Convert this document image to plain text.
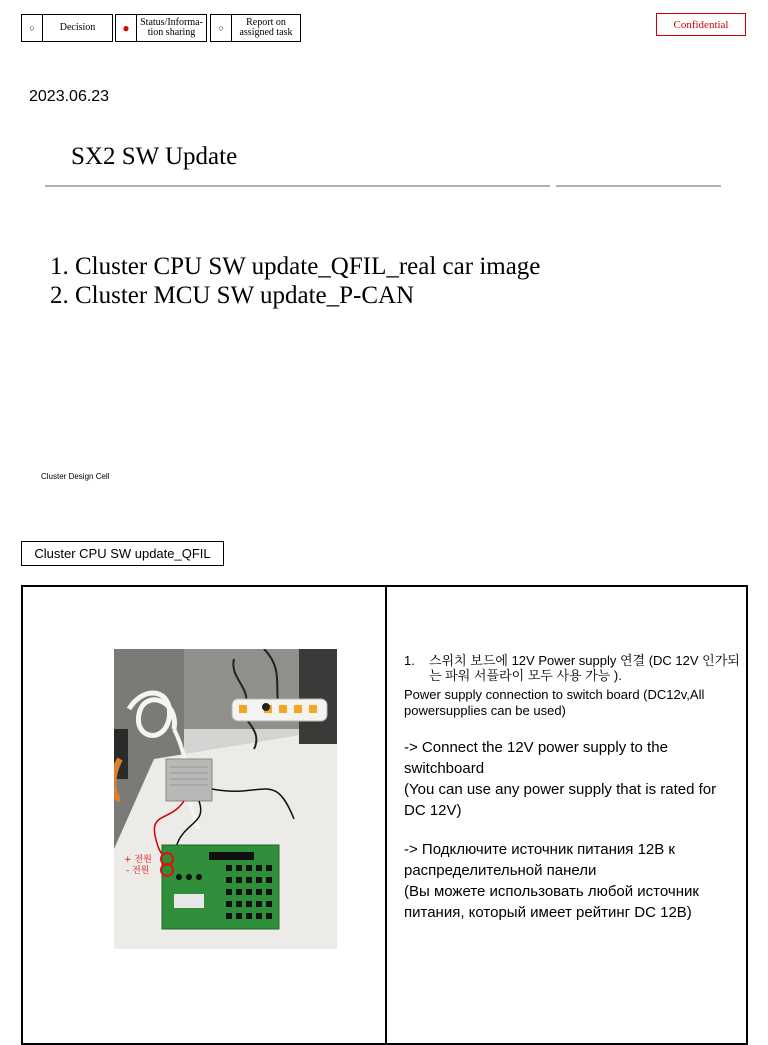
○	Decision	●	Status/Informa-tion sharing	○	Report on assigned task
Confidential
2023.06.23
SX2 SW Update
1. Cluster CPU SW update_QFIL_real car image
2. Cluster MCU SW update_P-CAN
Cluster Design Cell
Cluster CPU SW update_QFIL
+ 전원
- 전원
1. 스위치 보드에 12V Power supply 연결 (DC 12V 인가되는 파워 서플라이 모두 사용 가능 ).
Power supply connection to switch board (DC12v,All powersupplies can be used)
-> Connect the 12V power supply to the switchboard
(You can use any power supply that is rated for DC 12V)
-> Подключите источник питания 12В к распределительной панели
(Вы можете использовать любой источник питания, который имеет рейтинг DC 12В)
